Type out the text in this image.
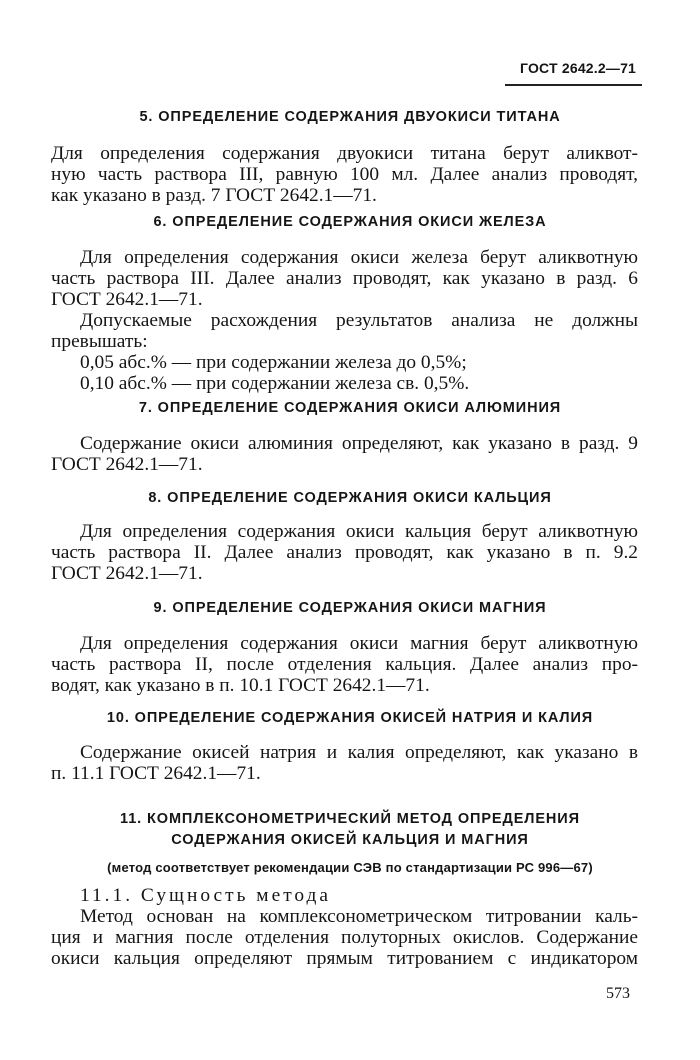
ГОСТ 2642.2—71
5. ОПРЕДЕЛЕНИЕ СОДЕРЖАНИЯ ДВУОКИСИ ТИТАНА
Для определения содержания двуокиси титана берут аликвот-
ную часть раствора III, равную 100 мл. Далее анализ проводят,
как указано в разд. 7 ГОСТ 2642.1—71.
6. ОПРЕДЕЛЕНИЕ СОДЕРЖАНИЯ ОКИСИ ЖЕЛЕЗА
Для определения содержания окиси железа берут аликвотную
часть раствора III. Далее анализ проводят, как указано в разд. 6
ГОСТ 2642.1—71.
Допускаемые расхождения результатов анализа не должны
превышать:
0,05 абс.% — при содержании железа до 0,5%;
0,10 абс.% — при содержании железа св. 0,5%.
7. ОПРЕДЕЛЕНИЕ СОДЕРЖАНИЯ ОКИСИ АЛЮМИНИЯ
Содержание окиси алюминия определяют, как указано в разд. 9
ГОСТ 2642.1—71.
8. ОПРЕДЕЛЕНИЕ СОДЕРЖАНИЯ ОКИСИ КАЛЬЦИЯ
Для определения содержания окиси кальция берут аликвотную
часть раствора II. Далее анализ проводят, как указано в п. 9.2
ГОСТ 2642.1—71.
9. ОПРЕДЕЛЕНИЕ СОДЕРЖАНИЯ ОКИСИ МАГНИЯ
Для определения содержания окиси магния берут аликвотную
часть раствора II, после отделения кальция. Далее анализ про-
водят, как указано в п. 10.1 ГОСТ 2642.1—71.
10. ОПРЕДЕЛЕНИЕ СОДЕРЖАНИЯ ОКИСЕЙ НАТРИЯ И КАЛИЯ
Содержание окисей натрия и калия определяют, как указано в
п. 11.1 ГОСТ 2642.1—71.
11. КОМПЛЕКСОНОМЕТРИЧЕСКИЙ МЕТОД ОПРЕДЕЛЕНИЯ
СОДЕРЖАНИЯ ОКИСЕЙ КАЛЬЦИЯ И МАГНИЯ
(метод соответствует рекомендации СЭВ по стандартизации РС 996—67)
11.1. Сущность метода
Метод основан на комплексонометрическом титровании каль-
ция и магния после отделения полуторных окислов. Содержание
окиси кальция определяют прямым титрованием с индикатором
573
